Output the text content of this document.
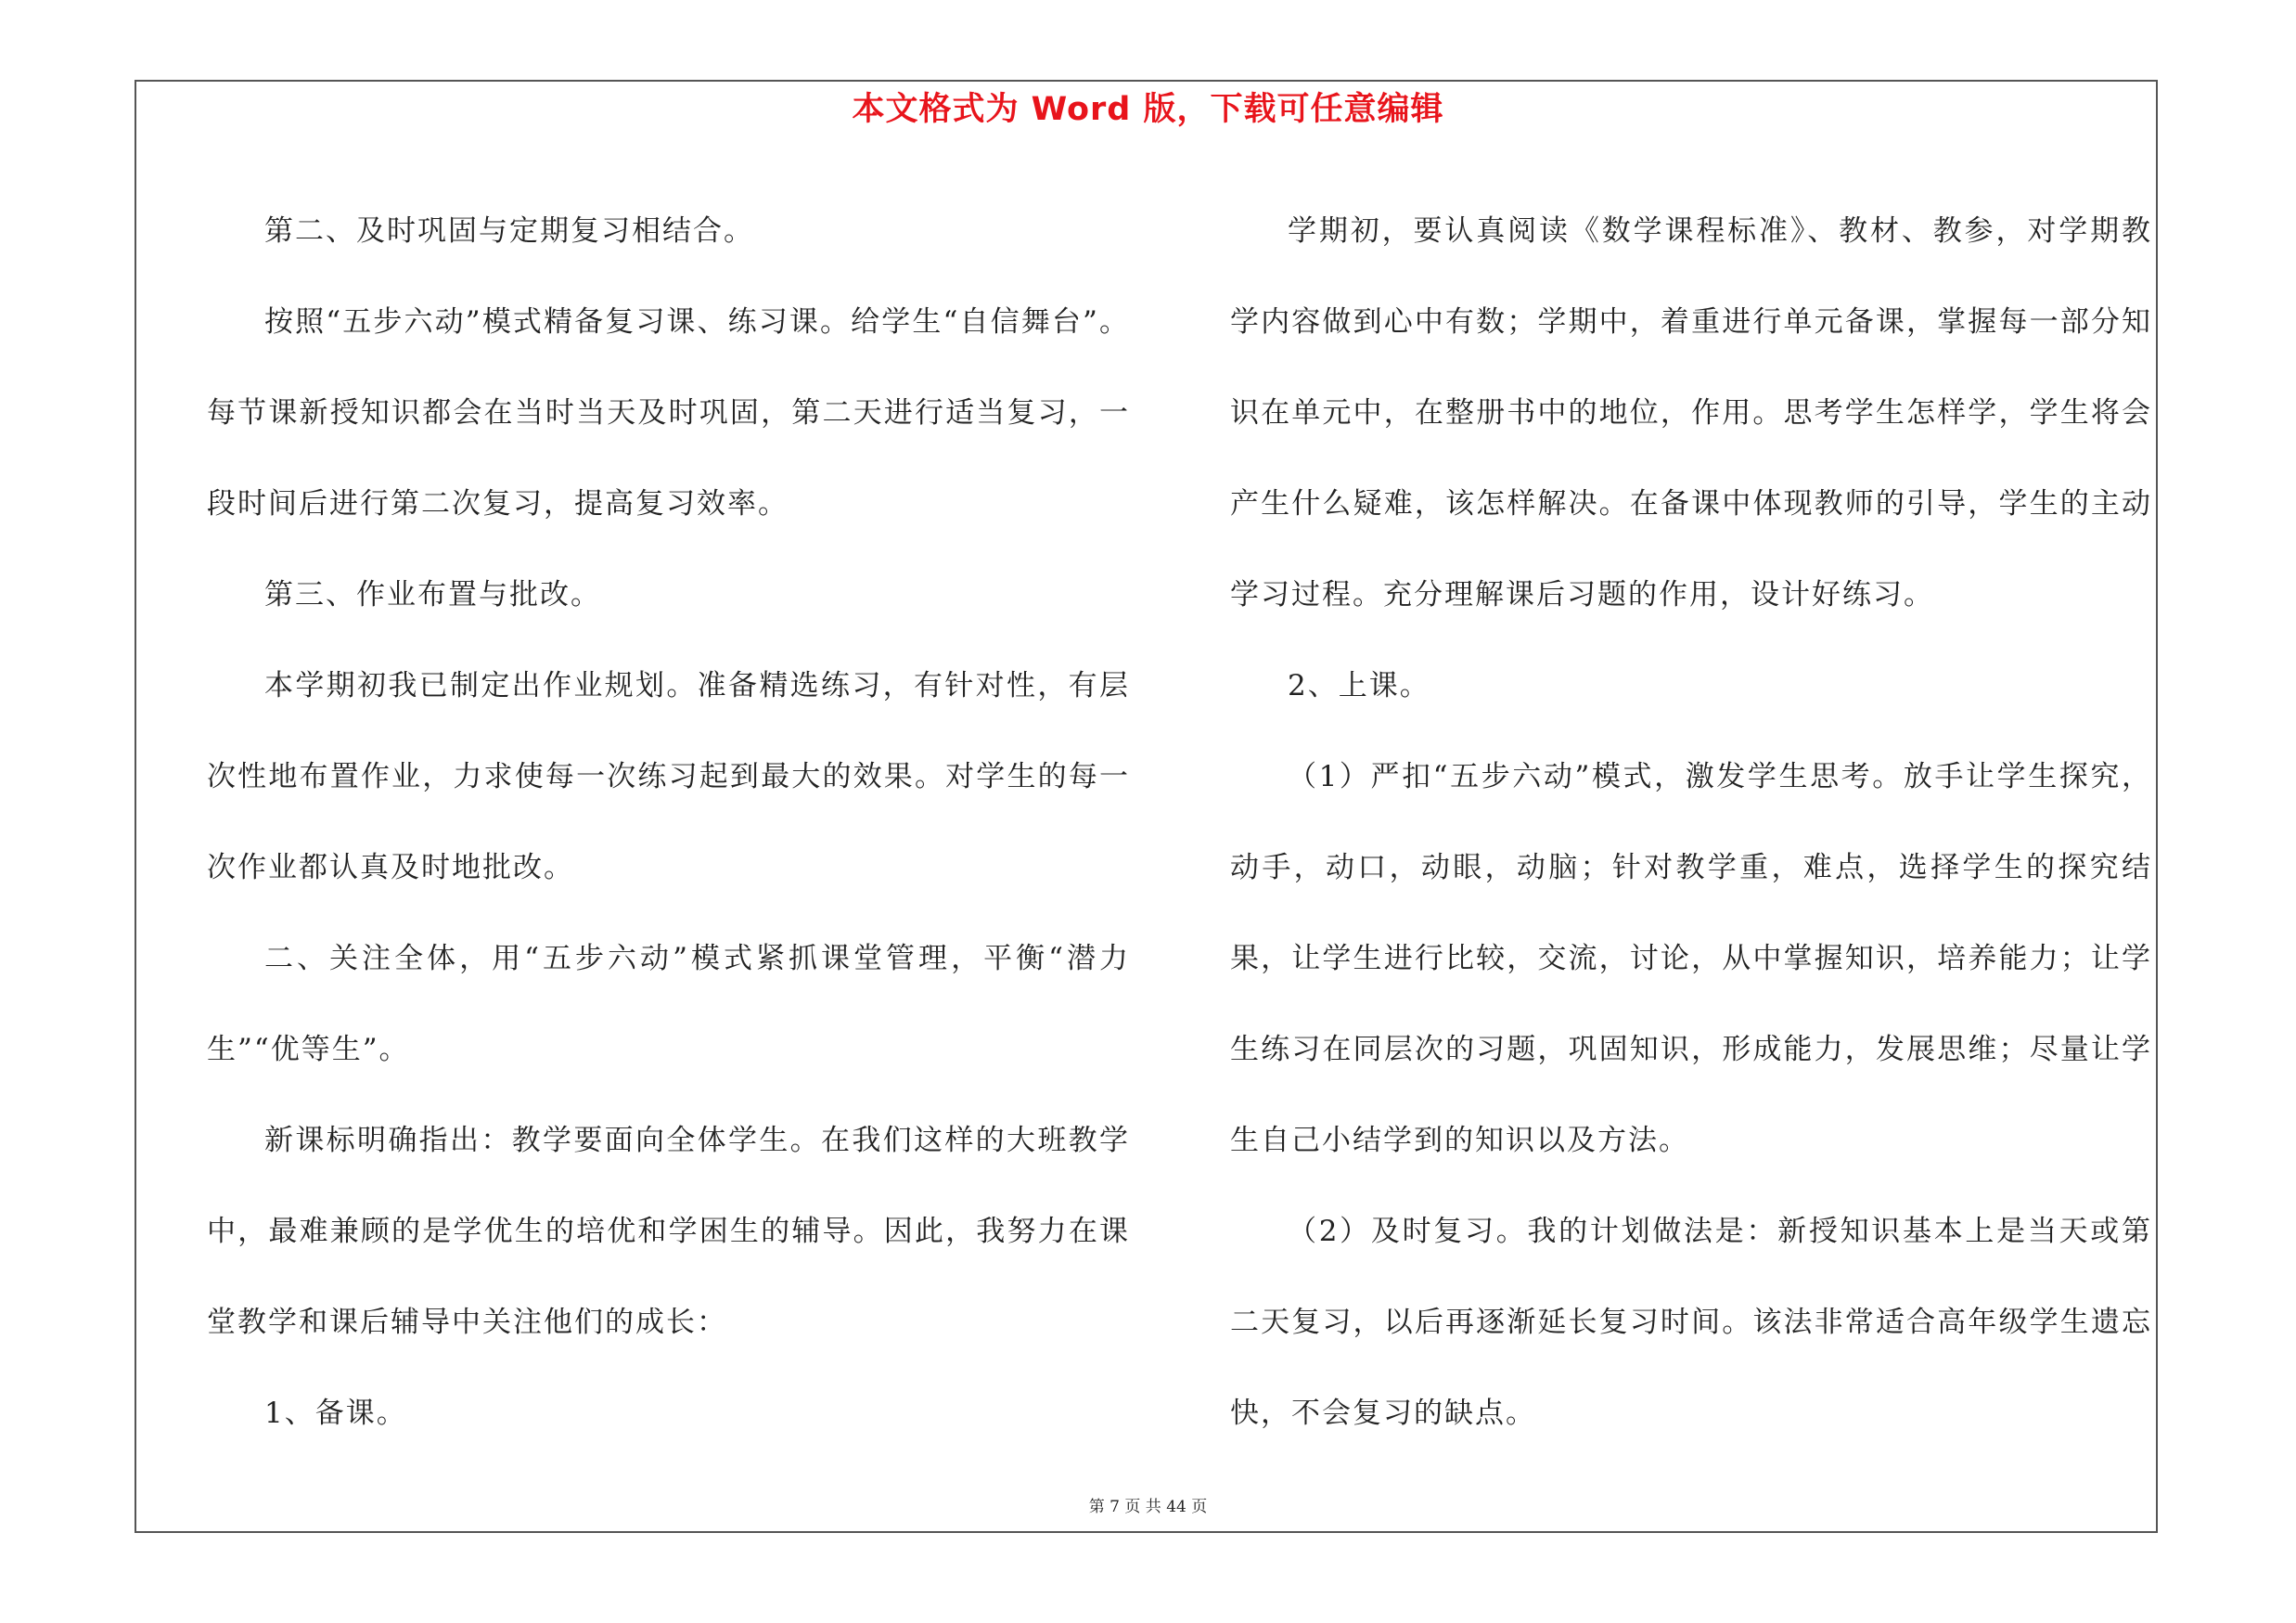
本文格式为 Word 版，下载可任意编辑

第二、及时巩固与定期复习相结合。

按照“五步六动”模式精备复习课、练习课。给学生“自信舞台”。每节课新授知识都会在当时当天及时巩固，第二天进行适当复习，一段时间后进行第二次复习，提高复习效率。

第三、作业布置与批改。

本学期初我已制定出作业规划。准备精选练习，有针对性，有层次性地布置作业，力求使每一次练习起到最大的效果。对学生的每一次作业都认真及时地批改。

二、关注全体，用“五步六动”模式紧抓课堂管理，平衡“潜力生”“优等生”。

新课标明确指出：教学要面向全体学生。在我们这样的大班教学中，最难兼顾的是学优生的培优和学困生的辅导。因此，我努力在课堂教学和课后辅导中关注他们的成长：

1、备课。

学期初，要认真阅读《数学课程标准》、教材、教参，对学期教学内容做到心中有数；学期中，着重进行单元备课，掌握每一部分知识在单元中，在整册书中的地位，作用。思考学生怎样学，学生将会产生什么疑难，该怎样解决。在备课中体现教师的引导，学生的主动学习过程。充分理解课后习题的作用，设计好练习。

2、上课。

（1）严扣“五步六动”模式，激发学生思考。放手让学生探究，动手，动口，动眼，动脑；针对教学重，难点，选择学生的探究结果，让学生进行比较，交流，讨论，从中掌握知识，培养能力；让学生练习在同层次的习题，巩固知识，形成能力，发展思维；尽量让学生自己小结学到的知识以及方法。

（2）及时复习。我的计划做法是：新授知识基本上是当天或第二天复习，以后再逐渐延长复习时间。该法非常适合高年级学生遗忘快，不会复习的缺点。

第 7 页 共 44 页
